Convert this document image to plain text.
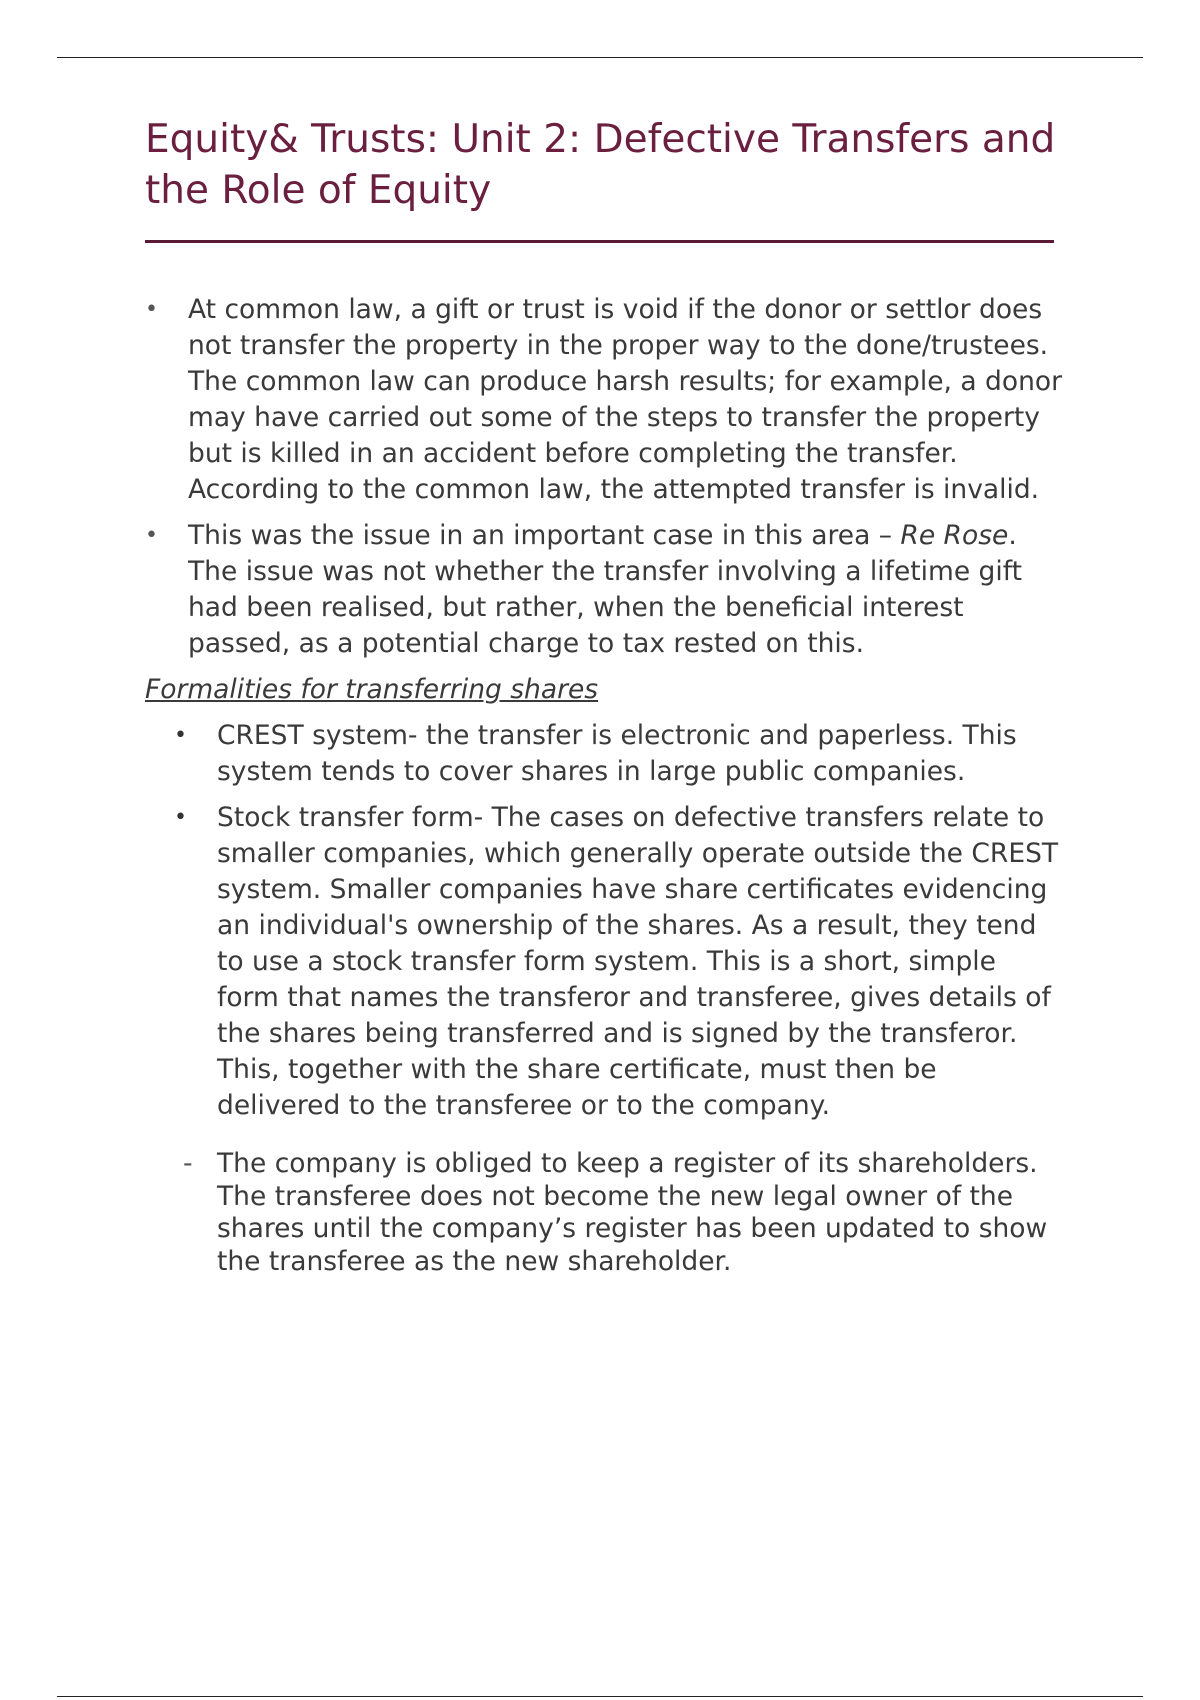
Equity& Trusts: Unit 2: Defective Transfers and the Role of Equity
• At common law, a gift or trust is void if the donor or settlor does not transfer the property in the proper way to the done/trustees. The common law can produce harsh results; for example, a donor may have carried out some of the steps to transfer the property but is killed in an accident before completing the transfer. According to the common law, the attempted transfer is invalid.
• This was the issue in an important case in this area – Re Rose. The issue was not whether the transfer involving a lifetime gift had been realised, but rather, when the beneficial interest passed, as a potential charge to tax rested on this.
Formalities for transferring shares
• CREST system- the transfer is electronic and paperless. This system tends to cover shares in large public companies.
• Stock transfer form- The cases on defective transfers relate to smaller companies, which generally operate outside the CREST system. Smaller companies have share certificates evidencing an individual's ownership of the shares. As a result, they tend to use a stock transfer form system. This is a short, simple form that names the transferor and transferee, gives details of the shares being transferred and is signed by the transferor. This, together with the share certificate, must then be delivered to the transferee or to the company.
- The company is obliged to keep a register of its shareholders. The transferee does not become the new legal owner of the shares until the company’s register has been updated to show the transferee as the new shareholder.
